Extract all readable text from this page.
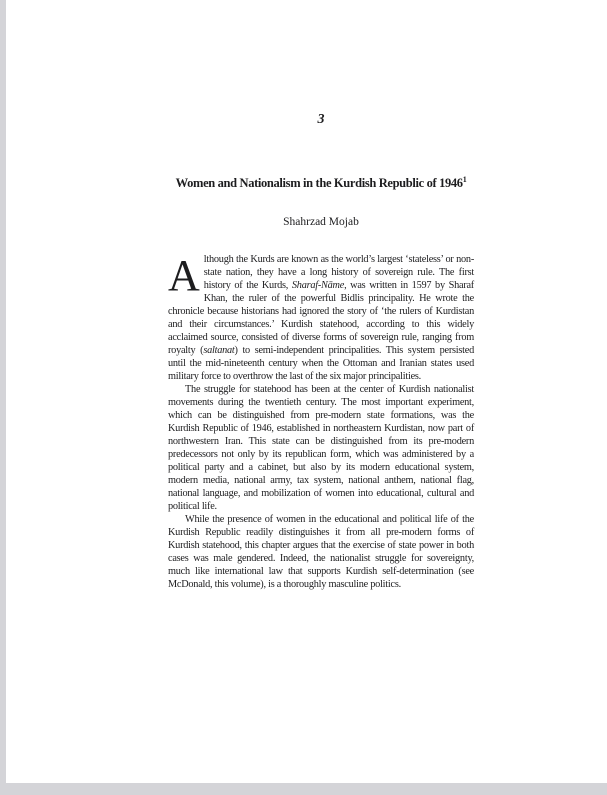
3
Women and Nationalism in the Kurdish Republic of 1946$^1$
Shahrzad Mojab

Although the Kurds are known as the world’s largest ‘stateless’ or non-state nation, they have a long history of sovereign rule. The first history of the Kurds, Sharaf-Nāme, was written in 1597 by Sharaf Khan, the ruler of the powerful Bidlis principality. He wrote the chronicle because historians had ignored the story of ‘the rulers of Kurdistan and their circumstances.’ Kurdish statehood, according to this widely acclaimed source, consisted of diverse forms of sovereign rule, ranging from royalty (saltanat) to semi-independent principalities. This system persisted until the mid-nineteenth century when the Ottoman and Iranian states used military force to overthrow the last of the six major principalities.

The struggle for statehood has been at the center of Kurdish nationalist movements during the twentieth century. The most important experiment, which can be distinguished from pre-modern state formations, was the Kurdish Republic of 1946, established in northeastern Kurdistan, now part of northwestern Iran. This state can be distinguished from its pre-modern predecessors not only by its republican form, which was administered by a political party and a cabinet, but also by its modern educational system, modern media, national army, tax system, national anthem, national flag, national language, and mobilization of women into educational, cultural and political life.

While the presence of women in the educational and political life of the Kurdish Republic readily distinguishes it from all pre-modern forms of Kurdish statehood, this chapter argues that the exercise of state power in both cases was male gendered. Indeed, the nationalist struggle for sovereignty, much like international law that supports Kurdish self-determination (see McDonald, this volume), is a thoroughly masculine politics.
